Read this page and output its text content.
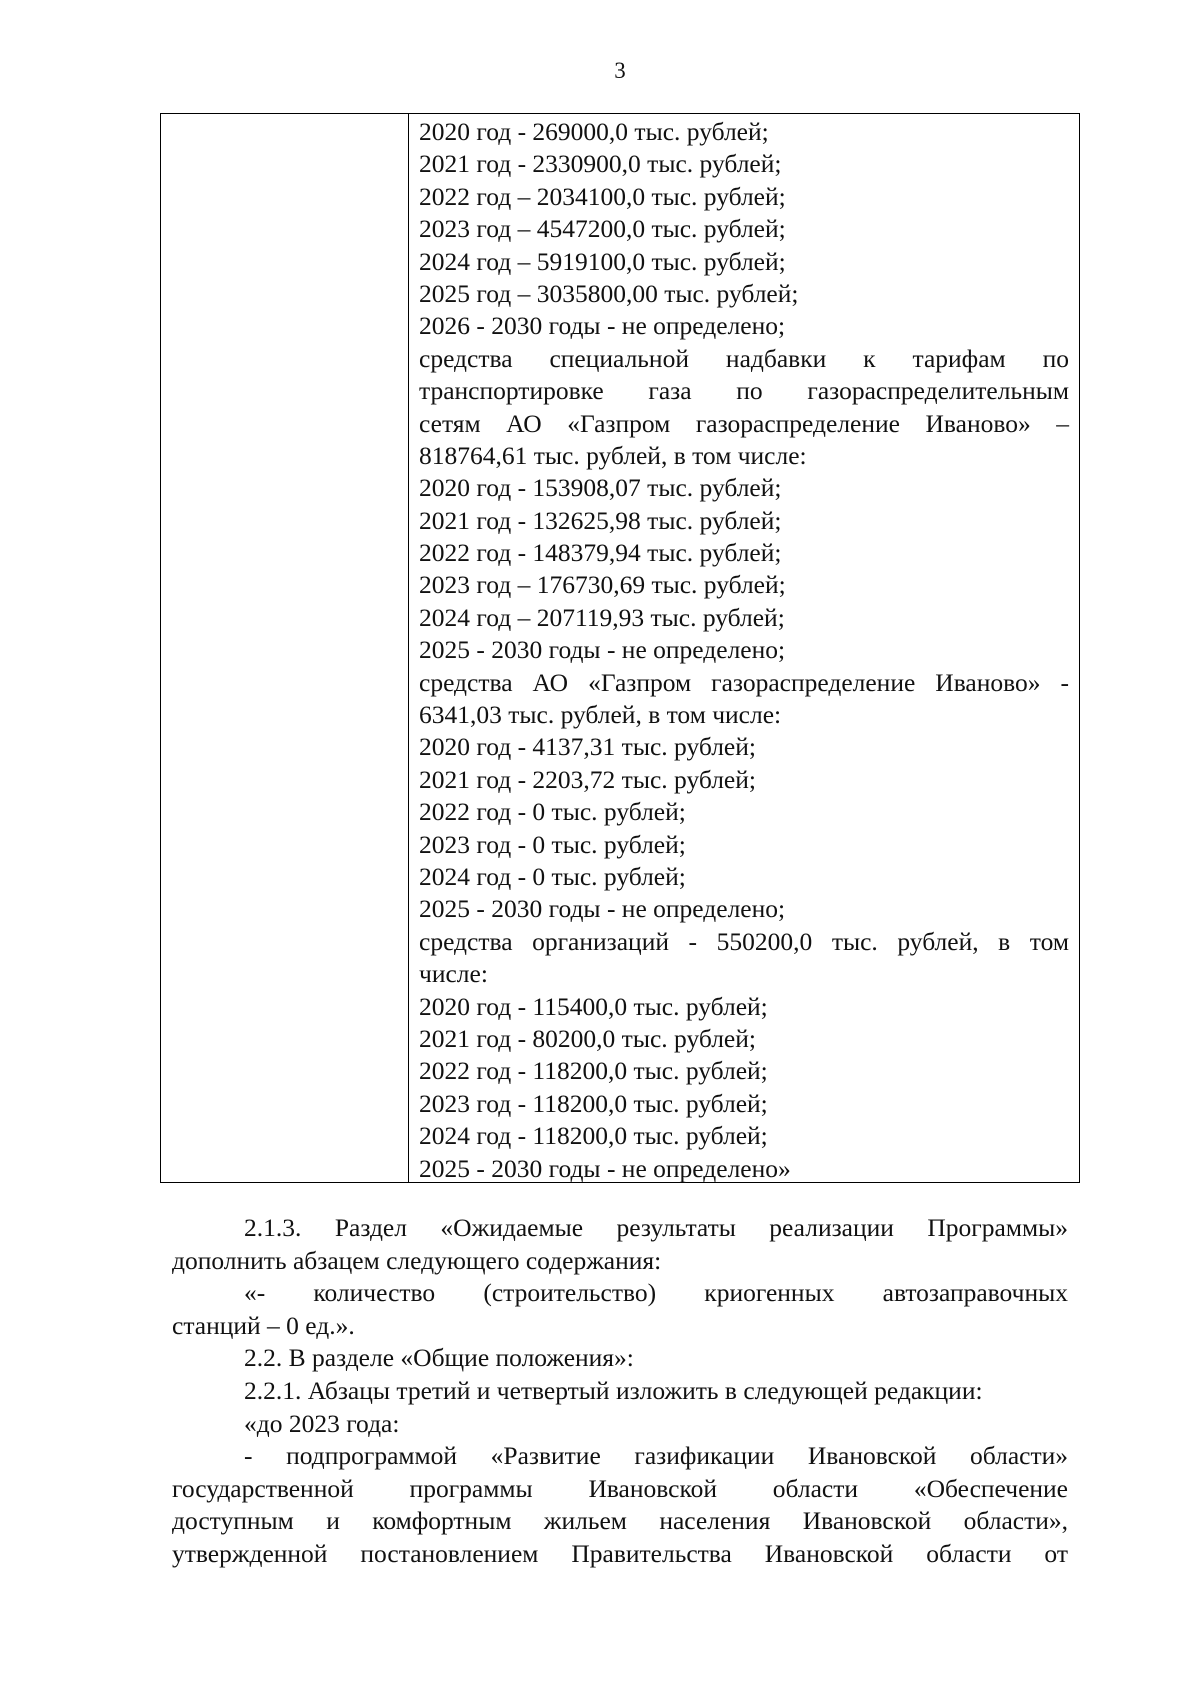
3
2020 год - 269000,0 тыс. рублей;
2021 год - 2330900,0 тыс. рублей;
2022 год – 2034100,0 тыс. рублей;
2023 год – 4547200,0 тыс. рублей;
2024 год – 5919100,0 тыс. рублей;
2025 год – 3035800,00 тыс. рублей;
2026 - 2030 годы - не определено;
средства специальной надбавки к тарифам по
транспортировке газа по газораспределительным
сетям АО «Газпром газораспределение Иваново» –
818764,61 тыс. рублей, в том числе:
2020 год - 153908,07 тыс. рублей;
2021 год - 132625,98 тыс. рублей;
2022 год - 148379,94 тыс. рублей;
2023 год – 176730,69 тыс. рублей;
2024 год – 207119,93 тыс. рублей;
2025 - 2030 годы - не определено;
средства АО «Газпром газораспределение Иваново» -
6341,03 тыс. рублей, в том числе:
2020 год - 4137,31 тыс. рублей;
2021 год - 2203,72 тыс. рублей;
2022 год - 0 тыс. рублей;
2023 год - 0 тыс. рублей;
2024 год - 0 тыс. рублей;
2025 - 2030 годы - не определено;
средства организаций - 550200,0 тыс. рублей, в том
числе:
2020 год - 115400,0 тыс. рублей;
2021 год - 80200,0 тыс. рублей;
2022 год - 118200,0 тыс. рублей;
2023 год - 118200,0 тыс. рублей;
2024 год - 118200,0 тыс. рублей;
2025 - 2030 годы - не определено»
2.1.3. Раздел «Ожидаемые результаты реализации Программы»
дополнить абзацем следующего содержания:
«- количество (строительство) криогенных автозаправочных
станций – 0 ед.».
2.2. В разделе «Общие положения»:
2.2.1. Абзацы третий и четвертый изложить в следующей редакции:
«до 2023 года:
- подпрограммой «Развитие газификации Ивановской области»
государственной программы Ивановской области «Обеспечение
доступным и комфортным жильем населения Ивановской области»,
утвержденной постановлением Правительства Ивановской области от
